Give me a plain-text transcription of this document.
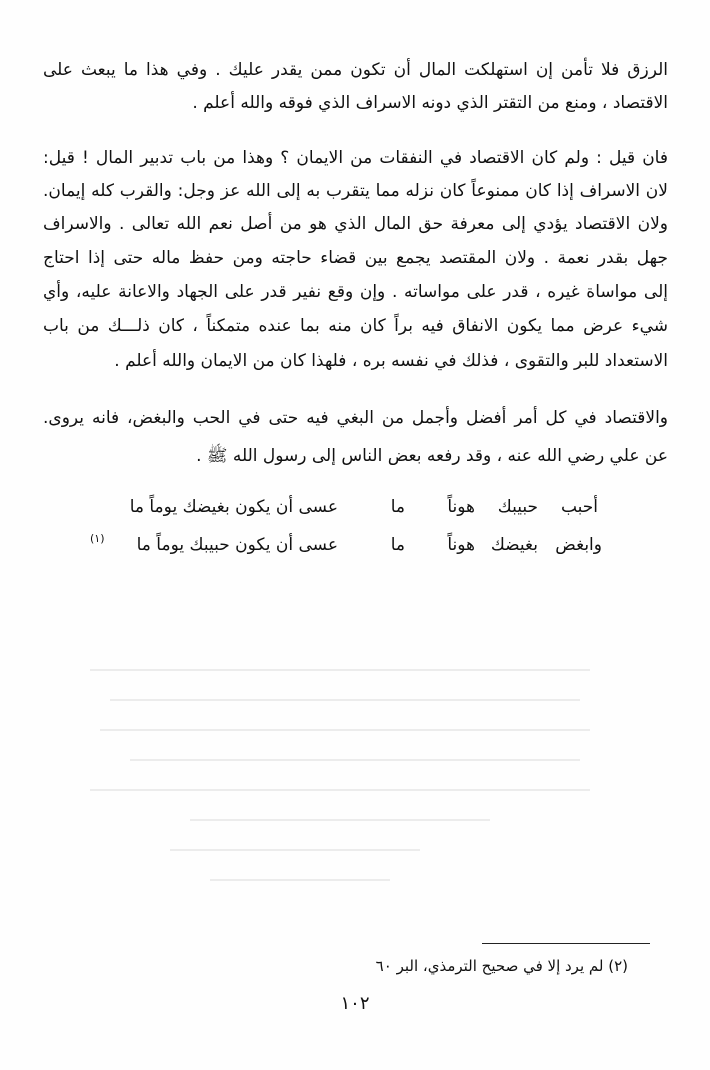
الرزق فلا تأمن إن استهلكت المال أن تكون ممن يقدر عليك . وفي هذا ما يبعث على
الاقتصاد ، ومنع من التقتر الذي دونه الاسراف الذي فوقه والله أعلم .
فان قيل : ولم كان الاقتصاد في النفقات من الايمان ؟ وهذا من باب تدبير المال ! قيل:
لان الاسراف إذا كان ممنوعاً كان نزله مما يتقرب به إلى الله عز وجل: والقرب كله إيمان.
ولان الاقتصاد يؤدي إلى معرفة حق المال الذي هو من أصل نعم الله تعالى . والاسراف
جهل بقدر نعمة . ولان المقتصد يجمع بين قضاء حاجته ومن حفظ ماله حتى إذا احتاج
إلى مواساة غيره ، قدر على مواساته . وإن وقع نفير قدر على الجهاد والاعانة عليه، وأي
شيء عرض مما يكون الانفاق فيه براً كان منه بما عنده متمكناً ، كان ذلـــك من باب
الاستعداد للبر والتقوى ، فذلك في نفسه بره ، فلهذا كان من الايمان والله أعلم .
والاقتصاد في كل أمر أفضل وأجمل من البغي فيه حتى في الحب والبغض، فانه يروى.
عن علي رضي الله عنه ، وقد رفعه بعض الناس إلى رسول الله ﷺ .
أحبب
حبيبك
هوناً
ما
عسى أن يكون بغيضك يوماً ما
وابغض
بغيضك
هوناً
ما
عسى أن يكون حبيبك يوماً ما
(١)
(٢) لم يرد إلا في صحيح الترمذي، البر ٦٠
١٠٢
